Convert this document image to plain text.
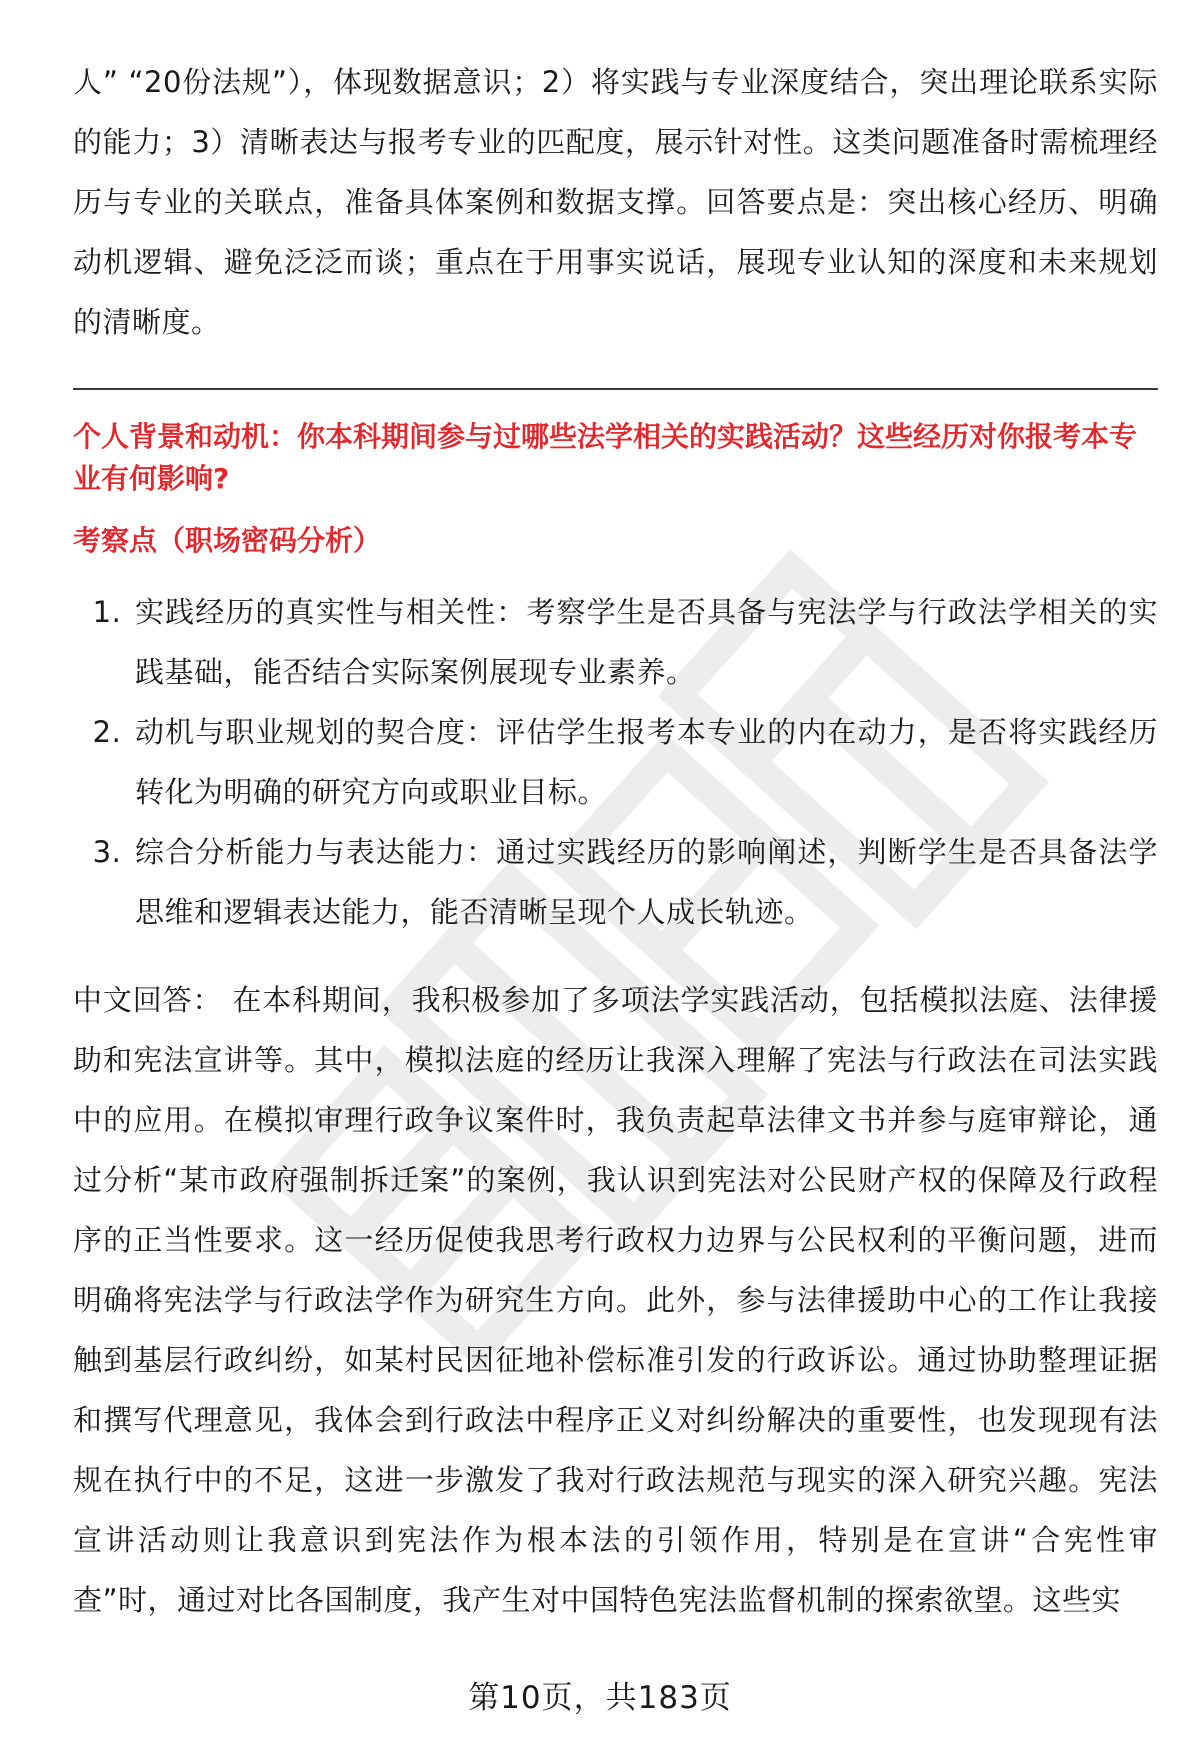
人” “20份法规”），体现数据意识；2）将实践与专业深度结合，突出理论联系实际的能力；3）清晰表达与报考专业的匹配度，展示针对性。这类问题准备时需梳理经历与专业的关联点，准备具体案例和数据支撑。回答要点是：突出核心经历、明确动机逻辑、避免泛泛而谈；重点在于用事实说话，展现专业认知的深度和未来规划的清晰度。

个人背景和动机：你本科期间参与过哪些法学相关的实践活动？这些经历对你报考本专业有何影响?
考察点（职场密码分析）
1. 实践经历的真实性与相关性：考察学生是否具备与宪法学与行政法学相关的实践基础，能否结合实际案例展现专业素养。
2. 动机与职业规划的契合度：评估学生报考本专业的内在动力，是否将实践经历转化为明确的研究方向或职业目标。
3. 综合分析能力与表达能力：通过实践经历的影响阐述，判断学生是否具备法学思维和逻辑表达能力，能否清晰呈现个人成长轨迹。

中文回答： 在本科期间，我积极参加了多项法学实践活动，包括模拟法庭、法律援助和宪法宣讲等。其中，模拟法庭的经历让我深入理解了宪法与行政法在司法实践中的应用。在模拟审理行政争议案件时，我负责起草法律文书并参与庭审辩论，通过分析“某市政府强制拆迁案”的案例，我认识到宪法对公民财产权的保障及行政程序的正当性要求。这一经历促使我思考行政权力边界与公民权利的平衡问题，进而明确将宪法学与行政法学作为研究生方向。此外，参与法律援助中心的工作让我接触到基层行政纠纷，如某村民因征地补偿标准引发的行政诉讼。通过协助整理证据和撰写代理意见，我体会到行政法中程序正义对纠纷解决的重要性，也发现现有法规在执行中的不足，这进一步激发了我对行政法规范与现实的深入研究兴趣。宪法宣讲活动则让我意识到宪法作为根本法的引领作用，特别是在宣讲“合宪性审查”时，通过对比各国制度，我产生对中国特色宪法监督机制的探索欲望。这些实

第10页，共183页
